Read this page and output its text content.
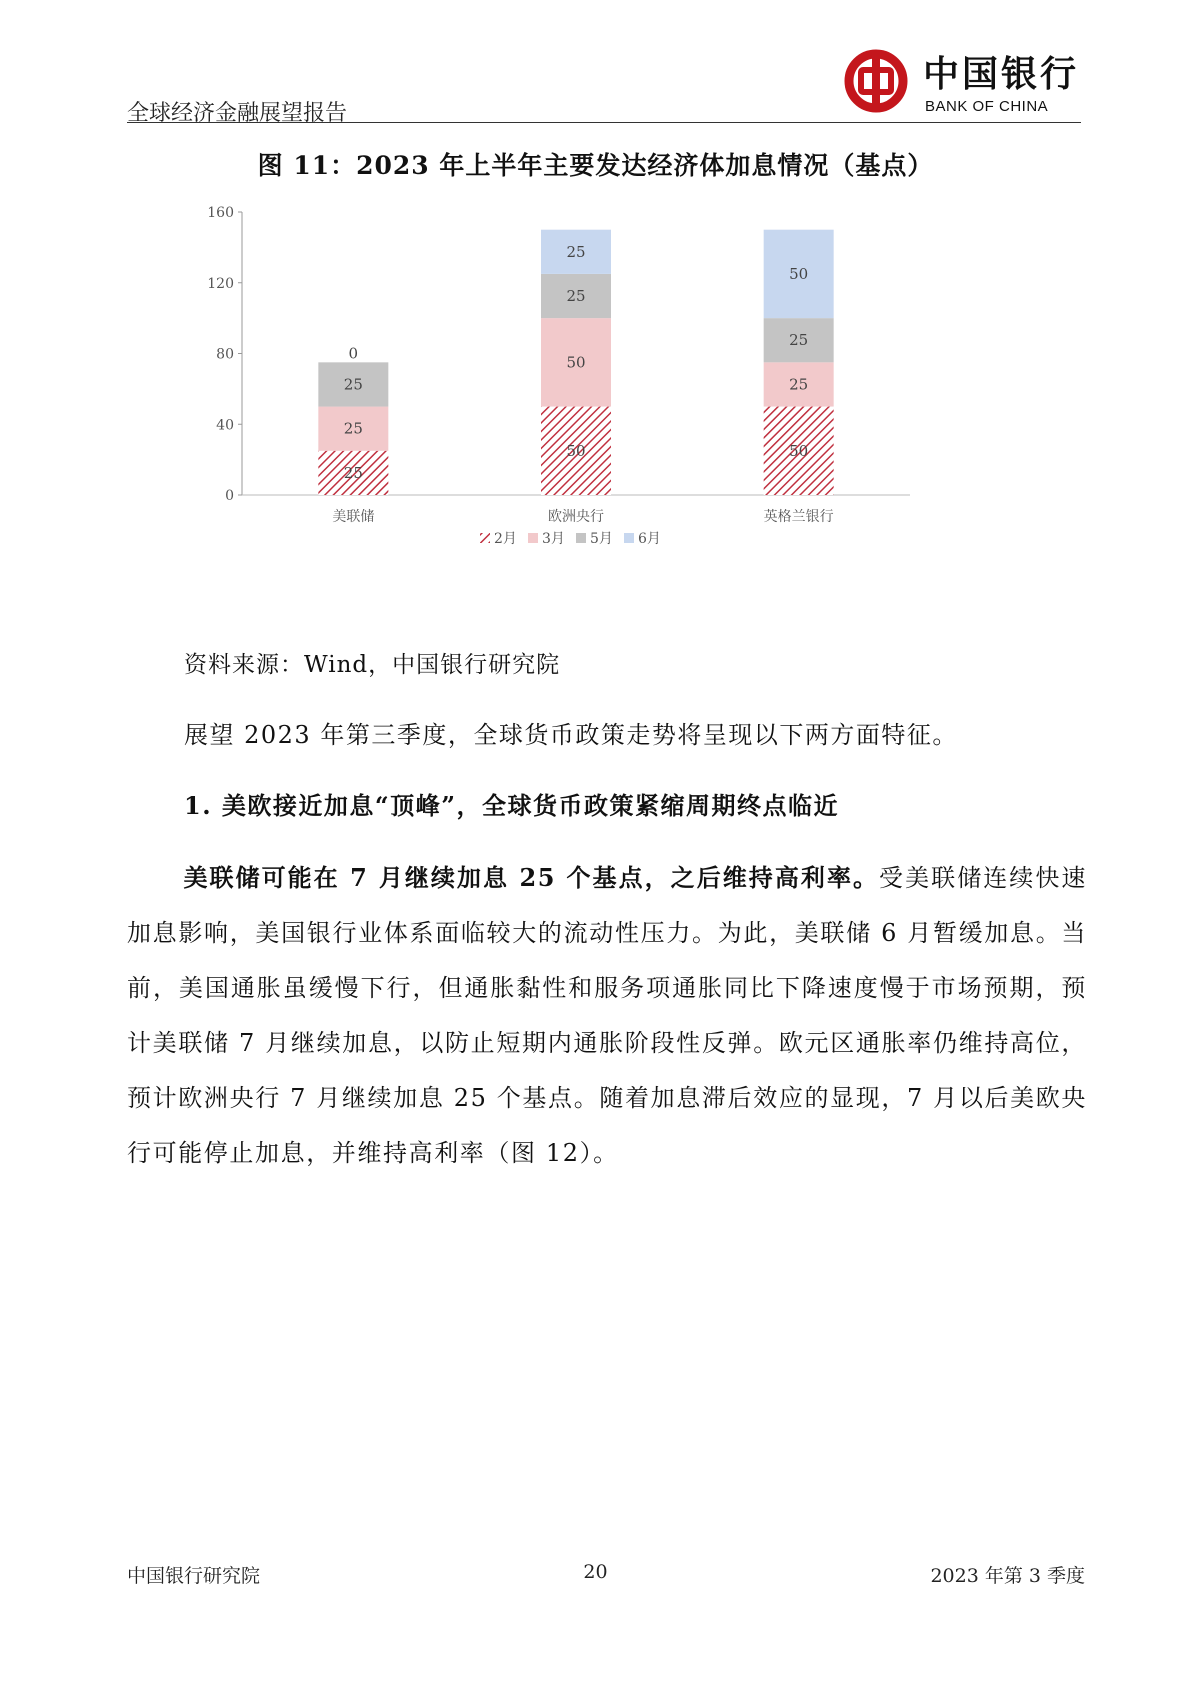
全球经济金融展望报告
中国银行
BANK OF CHINA
图 11：2023 年上半年主要发达经济体加息情况（基点）
0
40
80
120
160
25
25
25
0
美联储
50
50
25
25
欧洲央行
50
25
25
50
英格兰银行
2月 3月 5月 6月
资料来源：Wind，中国银行研究院
展望 2023 年第三季度，全球货币政策走势将呈现以下两方面特征。
1. 美欧接近加息“顶峰”，全球货币政策紧缩周期终点临近
美联储可能在 7 月继续加息 25 个基点，之后维持高利率。受美联储连续快速加息影响，美国银行业体系面临较大的流动性压力。为此，美联储 6 月暂缓加息。当前，美国通胀虽缓慢下行，但通胀黏性和服务项通胀同比下降速度慢于市场预期，预计美联储 7 月继续加息，以防止短期内通胀阶段性反弹。欧元区通胀率仍维持高位，预计欧洲央行 7 月继续加息 25 个基点。随着加息滞后效应的显现，7 月以后美欧央行可能停止加息，并维持高利率（图 12）。
中国银行研究院	20	2023 年第 3 季度
